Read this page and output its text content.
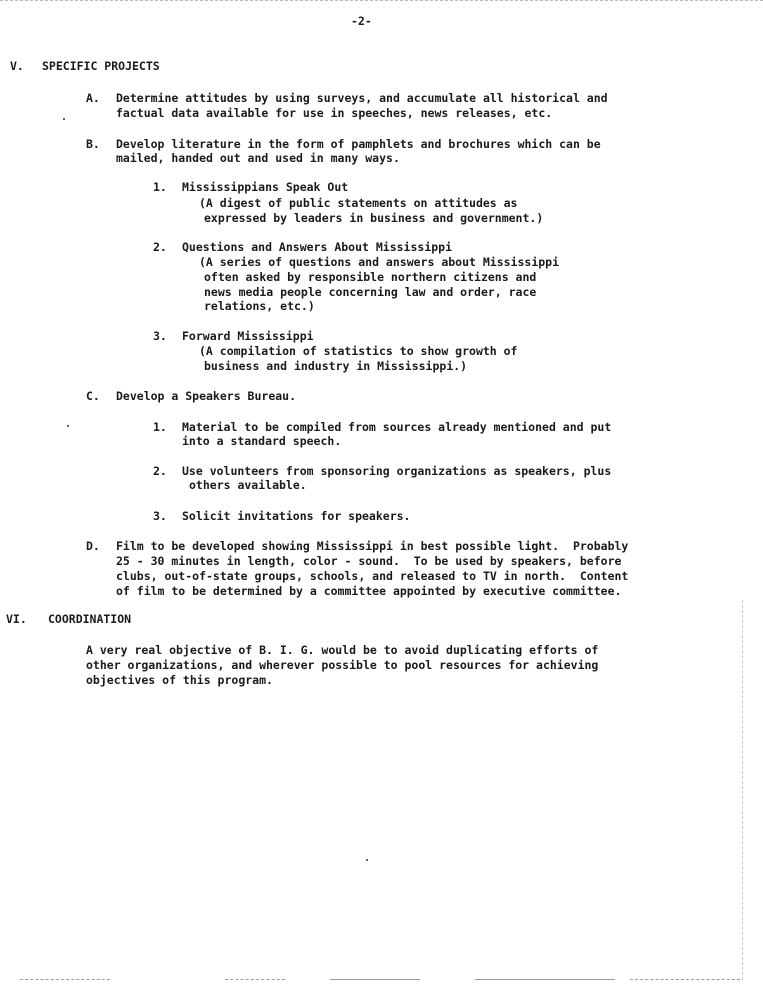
-2-
V. SPECIFIC PROJECTS
A. Determine attitudes by using surveys, and accumulate all historical and
factual data available for use in speeches, news releases, etc.
B. Develop literature in the form of pamphlets and brochures which can be
mailed, handed out and used in many ways.
1. Mississippians Speak Out
(A digest of public statements on attitudes as
expressed by leaders in business and government.)
2. Questions and Answers About Mississippi
(A series of questions and answers about Mississippi
often asked by responsible northern citizens and
news media people concerning law and order, race
relations, etc.)
3. Forward Mississippi
(A compilation of statistics to show growth of
business and industry in Mississippi.)
C. Develop a Speakers Bureau.
1. Material to be compiled from sources already mentioned and put
into a standard speech.
2. Use volunteers from sponsoring organizations as speakers, plus
others available.
3. Solicit invitations for speakers.
D. Film to be developed showing Mississippi in best possible light.  Probably
25 - 30 minutes in length, color - sound.  To be used by speakers, before
clubs, out-of-state groups, schools, and released to TV in north.  Content
of film to be determined by a committee appointed by executive committee.
VI. COORDINATION
A very real objective of B. I. G. would be to avoid duplicating efforts of
other organizations, and wherever possible to pool resources for achieving
objectives of this program.
